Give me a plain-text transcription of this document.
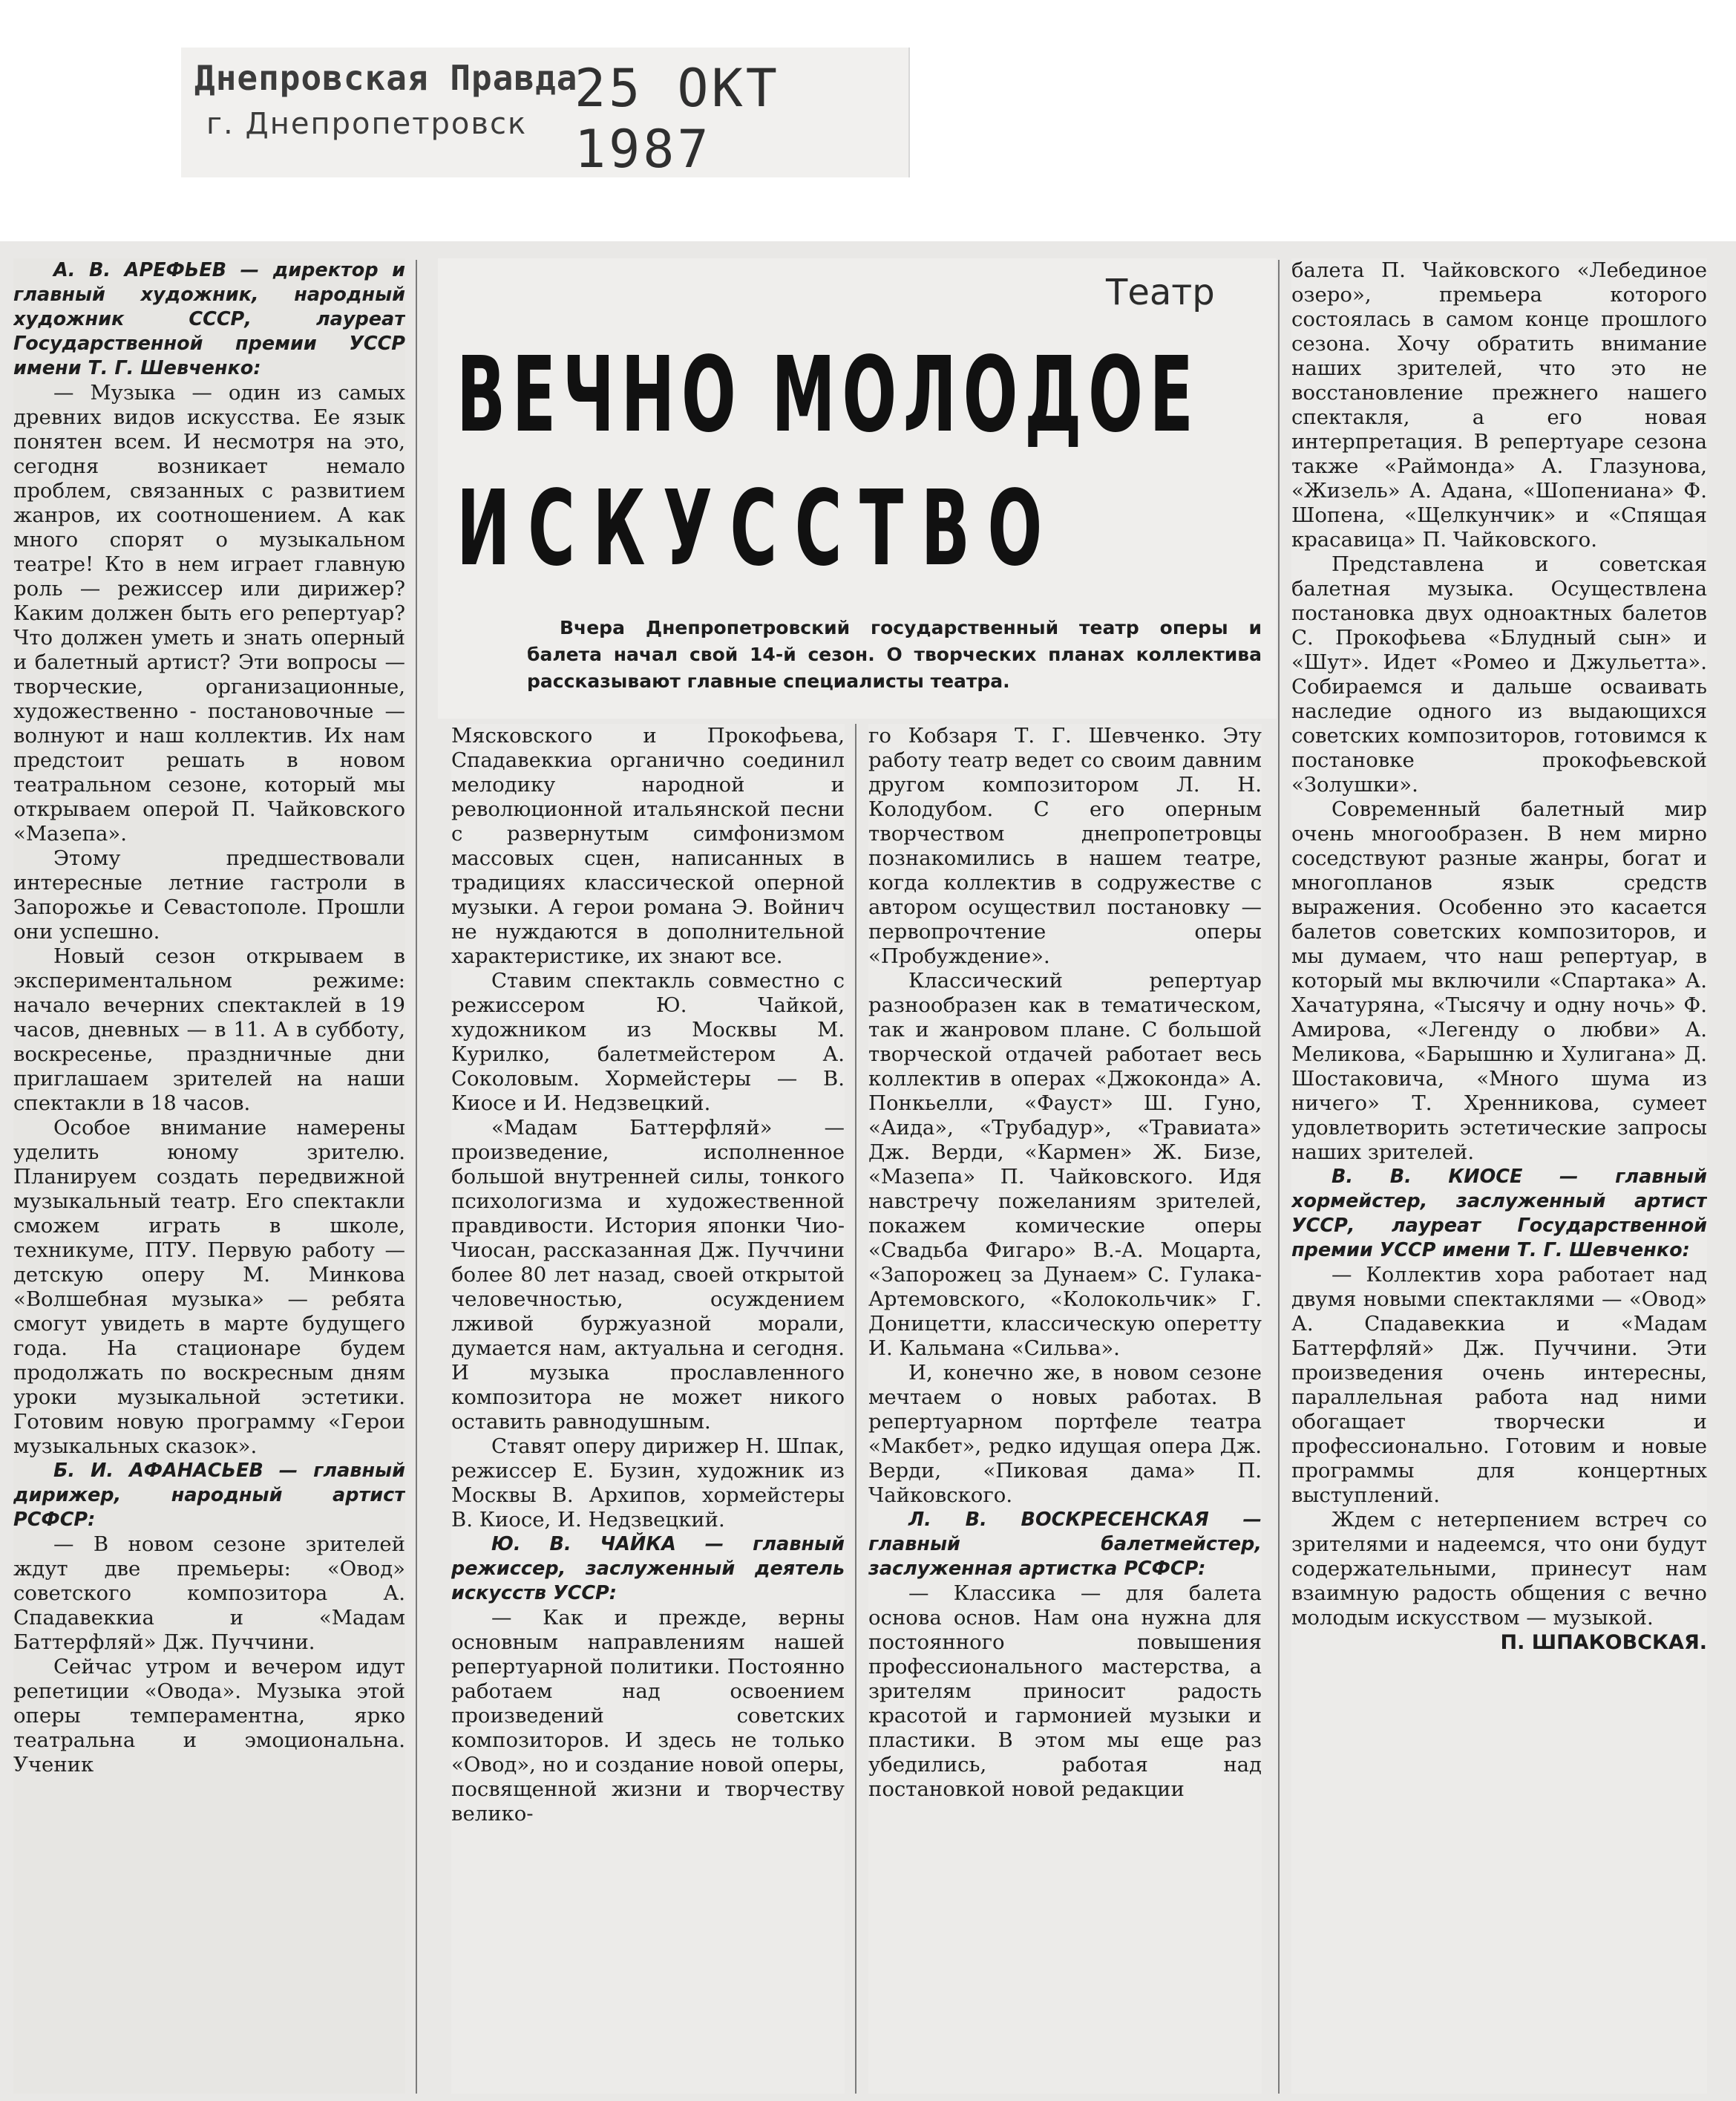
Днепровская Правда
г. Днепропетровск
25 ОКТ 1987
Театр
ВЕЧНО МОЛОДОЕ
ИСКУССТВО
Вчера Днепропетровский государственный театр оперы и балета начал свой 14-й сезон. О творческих планах коллектива рассказывают главные специалисты театра.

А. В. АРЕФЬЕВ — директор и главный художник, народный художник СССР, лауреат Государственной премии УССР имени Т. Г. Шевченко:

— Музыка — один из самых древних видов искусства. Ее язык понятен всем. И несмотря на это, сегодня возникает немало проблем, связанных с развитием жанров, их соотношением. А как много спорят о музыкальном театре! Кто в нем играет главную роль — режиссер или дирижер? Каким должен быть его репертуар? Что должен уметь и знать оперный и балетный артист? Эти вопросы — творческие, организационные, художественно - постановочные — волнуют и наш коллектив. Их нам предстоит решать в новом театральном сезоне, который мы открываем оперой П. Чайковского «Мазепа».

Этому предшествовали интересные летние гастроли в Запорожье и Севастополе. Прошли они успешно.

Новый сезон открываем в экспериментальном режиме: начало вечерних спектаклей в 19 часов, дневных — в 11. А в субботу, воскресенье, праздничные дни приглашаем зрителей на наши спектакли в 18 часов.

Особое внимание намерены уделить юному зрителю. Планируем создать передвижной музыкальный театр. Его спектакли сможем играть в школе, техникуме, ПТУ. Первую работу — детскую оперу М. Минкова «Волшебная музыка» — ребята смогут увидеть в марте будущего года. На стационаре будем продолжать по воскресным дням уроки музыкальной эстетики. Готовим новую программу «Герои музыкальных сказок».

Б. И. АФАНАСЬЕВ — главный дирижер, народный артист РСФСР:

— В новом сезоне зрителей ждут две премьеры: «Овод» советского композитора А. Спадавеккиа и «Мадам Баттерфляй» Дж. Пуччини.

Сейчас утром и вечером идут репетиции «Овода». Музыка этой оперы темпераментна, ярко театральна и эмоциональна. Ученик

Мясковского и Прокофьева, Спадавеккиа органично соединил мелодику народной и революционной итальянской песни с развернутым симфонизмом массовых сцен, написанных в традициях классической оперной музыки. А герои романа Э. Войнич не нуждаются в дополнительной характеристике, их знают все.

Ставим спектакль совместно с режиссером Ю. Чайкой, художником из Москвы М. Курилко, балетмейстером А. Соколовым. Хормейстеры — В. Киосе и И. Недзвецкий.

«Мадам Баттерфляй» — произведение, исполненное большой внутренней силы, тонкого психологизма и художественной правдивости. История японки Чио-Чиосан, рассказанная Дж. Пуччини более 80 лет назад, своей открытой человечностью, осуждением лживой буржуазной морали, думается нам, актуальна и сегодня. И музыка прославленного композитора не может никого оставить равнодушным.

Ставят оперу дирижер Н. Шпак, режиссер Е. Бузин, художник из Москвы В. Архипов, хормейстеры В. Киосе, И. Недзвецкий.

Ю. В. ЧАЙКА — главный режиссер, заслуженный деятель искусств УССР:

— Как и прежде, верны основным направлениям нашей репертуарной политики. Постоянно работаем над освоением произведений советских композиторов. И здесь не только «Овод», но и создание новой оперы, посвященной жизни и творчеству велико-

го Кобзаря Т. Г. Шевченко. Эту работу театр ведет со своим давним другом композитором Л. Н. Колодубом. С его оперным творчеством днепропетровцы познакомились в нашем театре, когда коллектив в содружестве с автором осуществил постановку — первопрочтение оперы «Пробуждение».

Классический репертуар разнообразен как в тематическом, так и жанровом плане. С большой творческой отдачей работает весь коллектив в операх «Джоконда» А. Понкьелли, «Фауст» Ш. Гуно, «Аида», «Трубадур», «Травиата» Дж. Верди, «Кармен» Ж. Бизе, «Мазепа» П. Чайковского. Идя навстречу пожеланиям зрителей, покажем комические оперы «Свадьба Фигаро» В.-А. Моцарта, «Запорожец за Дунаем» С. Гулака-Артемовского, «Колокольчик» Г. Доницетти, классическую оперетту И. Кальмана «Сильва».

И, конечно же, в новом сезоне мечтаем о новых работах. В репертуарном портфеле театра «Макбет», редко идущая опера Дж. Верди, «Пиковая дама» П. Чайковского.

Л. В. ВОСКРЕСЕНСКАЯ — главный балетмейстер, заслуженная артистка РСФСР:

— Классика — для балета основа основ. Нам она нужна для постоянного повышения профессионального мастерства, а зрителям приносит радость красотой и гармонией музыки и пластики. В этом мы еще раз убедились, работая над постановкой новой редакции

балета П. Чайковского «Лебединое озеро», премьера которого состоялась в самом конце прошлого сезона. Хочу обратить внимание наших зрителей, что это не восстановление прежнего нашего спектакля, а его новая интерпретация. В репертуаре сезона также «Раймонда» А. Глазунова, «Жизель» А. Адана, «Шопениана» Ф. Шопена, «Щелкунчик» и «Спящая красавица» П. Чайковского.

Представлена и советская балетная музыка. Осуществлена постановка двух одноактных балетов С. Прокофьева «Блудный сын» и «Шут». Идет «Ромео и Джульетта». Собираемся и дальше осваивать наследие одного из выдающихся советских композиторов, готовимся к постановке прокофьевской «Золушки».

Современный балетный мир очень многообразен. В нем мирно соседствуют разные жанры, богат и многопланов язык средств выражения. Особенно это касается балетов советских композиторов, и мы думаем, что наш репертуар, в который мы включили «Спартака» А. Хачатуряна, «Тысячу и одну ночь» Ф. Амирова, «Легенду о любви» А. Меликова, «Барышню и Хулигана» Д. Шостаковича, «Много шума из ничего» Т. Хренникова, сумеет удовлетворить эстетические запросы наших зрителей.

В. В. КИОСЕ — главный хормейстер, заслуженный артист УССР, лауреат Государственной премии УССР имени Т. Г. Шевченко:

— Коллектив хора работает над двумя новыми спектаклями — «Овод» А. Спадавеккиа и «Мадам Баттерфляй» Дж. Пуччини. Эти произведения очень интересны, параллельная работа над ними обогащает творчески и профессионально. Готовим и новые программы для концертных выступлений.

Ждем с нетерпением встреч со зрителями и надеемся, что они будут содержательными, принесут нам взаимную радость общения с вечно молодым искусством — музыкой.

П. ШПАКОВСКАЯ.
